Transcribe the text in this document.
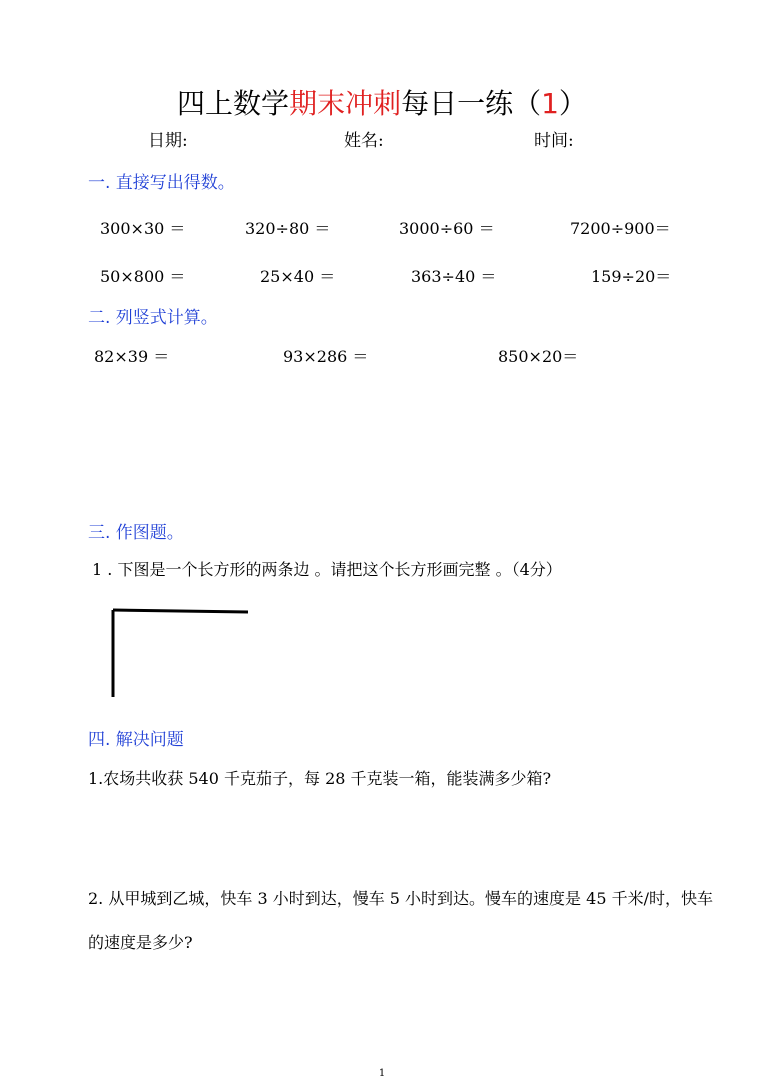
四上数学期末冲刺每日一练（1）
日期:	姓名:	时间:
一. 直接写出得数。
300×30 ＝	320÷80 ＝	3000÷60 ＝	7200÷900＝
50×800 ＝	25×40 ＝	363÷40 ＝	159÷20＝
二. 列竖式计算。
82×39 ＝	93×286 ＝	850×20＝
三. 作图题。
1 . 下图是一个长方形的两条边 。请把这个长方形画完整 。（4分）
四. 解决问题
1.农场共收获 540 千克茄子，每 28 千克装一箱，能装满多少箱?
2. 从甲城到乙城，快车 3 小时到达，慢车 5 小时到达。慢车的速度是 45 千米/时，快车
的速度是多少?
1
